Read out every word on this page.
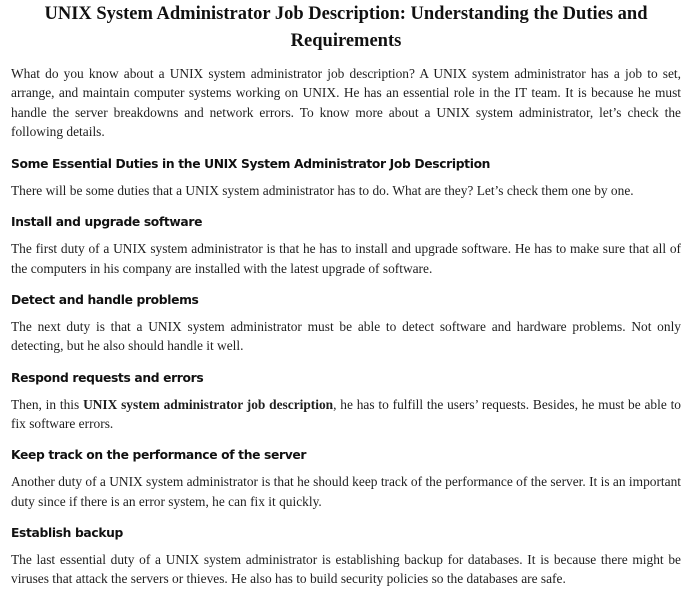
UNIX System Administrator Job Description: Understanding the Duties and Requirements

What do you know about a UNIX system administrator job description? A UNIX system administrator has a job to set, arrange, and maintain computer systems working on UNIX. He has an essential role in the IT team. It is because he must handle the server breakdowns and network errors. To know more about a UNIX system administrator, let’s check the following details.

Some Essential Duties in the UNIX System Administrator Job Description

There will be some duties that a UNIX system administrator has to do. What are they? Let’s check them one by one.

Install and upgrade software

The first duty of a UNIX system administrator is that he has to install and upgrade software. He has to make sure that all of the computers in his company are installed with the latest upgrade of software.

Detect and handle problems

The next duty is that a UNIX system administrator must be able to detect software and hardware problems. Not only detecting, but he also should handle it well.

Respond requests and errors

Then, in this UNIX system administrator job description, he has to fulfill the users’ requests. Besides, he must be able to fix software errors.

Keep track on the performance of the server

Another duty of a UNIX system administrator is that he should keep track of the performance of the server. It is an important duty since if there is an error system, he can fix it quickly.

Establish backup

The last essential duty of a UNIX system administrator is establishing backup for databases. It is because there might be viruses that attack the servers or thieves. He also has to build security policies so the databases are safe.
